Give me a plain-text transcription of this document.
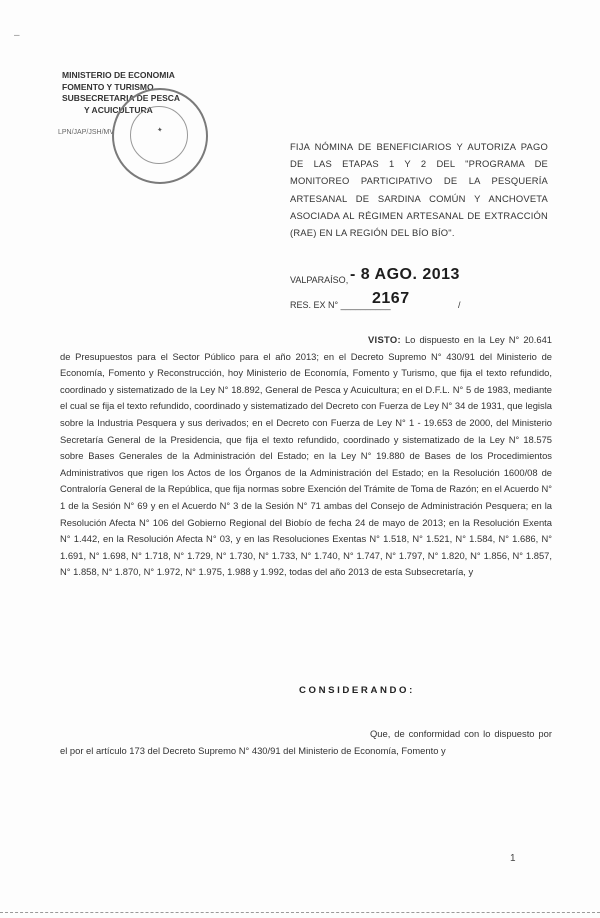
‒
MINISTERIO DE ECONOMIA
FOMENTO Y TURISMO
SUBSECRETARIA DE PESCA
Y ACUICULTURA
✦
LPN/JAP/JSH/MV
FIJA NÓMINA DE BENEFICIARIOS Y AUTORIZA PAGO DE LAS ETAPAS 1 Y 2 DEL "PROGRAMA DE MONITOREO PARTICIPATIVO DE LA PESQUERÍA ARTESANAL DE SARDINA COMÚN Y ANCHOVETA ASOCIADA AL RÉGIMEN ARTESANAL DE EXTRACCIÓN (RAE) EN LA REGIÓN DEL BÍO BÍO".
VALPARAÍSO, - 8 AGO. 2013
RES. EX N° __________
2167	/

VISTO: Lo dispuesto en la Ley N° 20.641 de Presupuestos para el Sector Público para el año 2013; en el Decreto Supremo N° 430/91 del Ministerio de Economía, Fomento y Reconstrucción, hoy Ministerio de Economía, Fomento y Turismo, que fija el texto refundido, coordinado y sistematizado de la Ley N° 18.892, General de Pesca y Acuicultura; en el D.F.L. N° 5 de 1983, mediante el cual se fija el texto refundido, coordinado y sistematizado del Decreto con Fuerza de Ley N° 34 de 1931, que legisla sobre la Industria Pesquera y sus derivados; en el Decreto con Fuerza de Ley N° 1 - 19.653 de 2000, del Ministerio Secretaría General de la Presidencia, que fija el texto refundido, coordinado y sistematizado de la Ley N° 18.575 sobre Bases Generales de la Administración del Estado; en la Ley N° 19.880 de Bases de los Procedimientos Administrativos que rigen los Actos de los Órganos de la Administración del Estado; en la Resolución 1600/08 de Contraloría General de la República, que fija normas sobre Exención del Trámite de Toma de Razón; en el Acuerdo N° 1 de la Sesión N° 69 y en el Acuerdo N° 3 de la Sesión N° 71 ambas del Consejo de Administración Pesquera; en la Resolución Afecta N° 106 del Gobierno Regional del Biobío de fecha 24 de mayo de 2013; en la Resolución Exenta N° 1.442, en la Resolución Afecta N° 03, y en las Resoluciones Exentas N° 1.518, N° 1.521, N° 1.584, N° 1.686, N° 1.691, N° 1.698, N° 1.718, N° 1.729, N° 1.730, N° 1.733, N° 1.740, N° 1.747, N° 1.797, N° 1.820, N° 1.856, N° 1.857, N° 1.858, N° 1.870, N° 1.972, N° 1.975, 1.988 y 1.992, todas del año 2013 de esta Subsecretaría, y

CONSIDERANDO:

Que, de conformidad con lo dispuesto por el por el artículo 173 del Decreto Supremo N° 430/91 del Ministerio de Economía, Fomento y

1
